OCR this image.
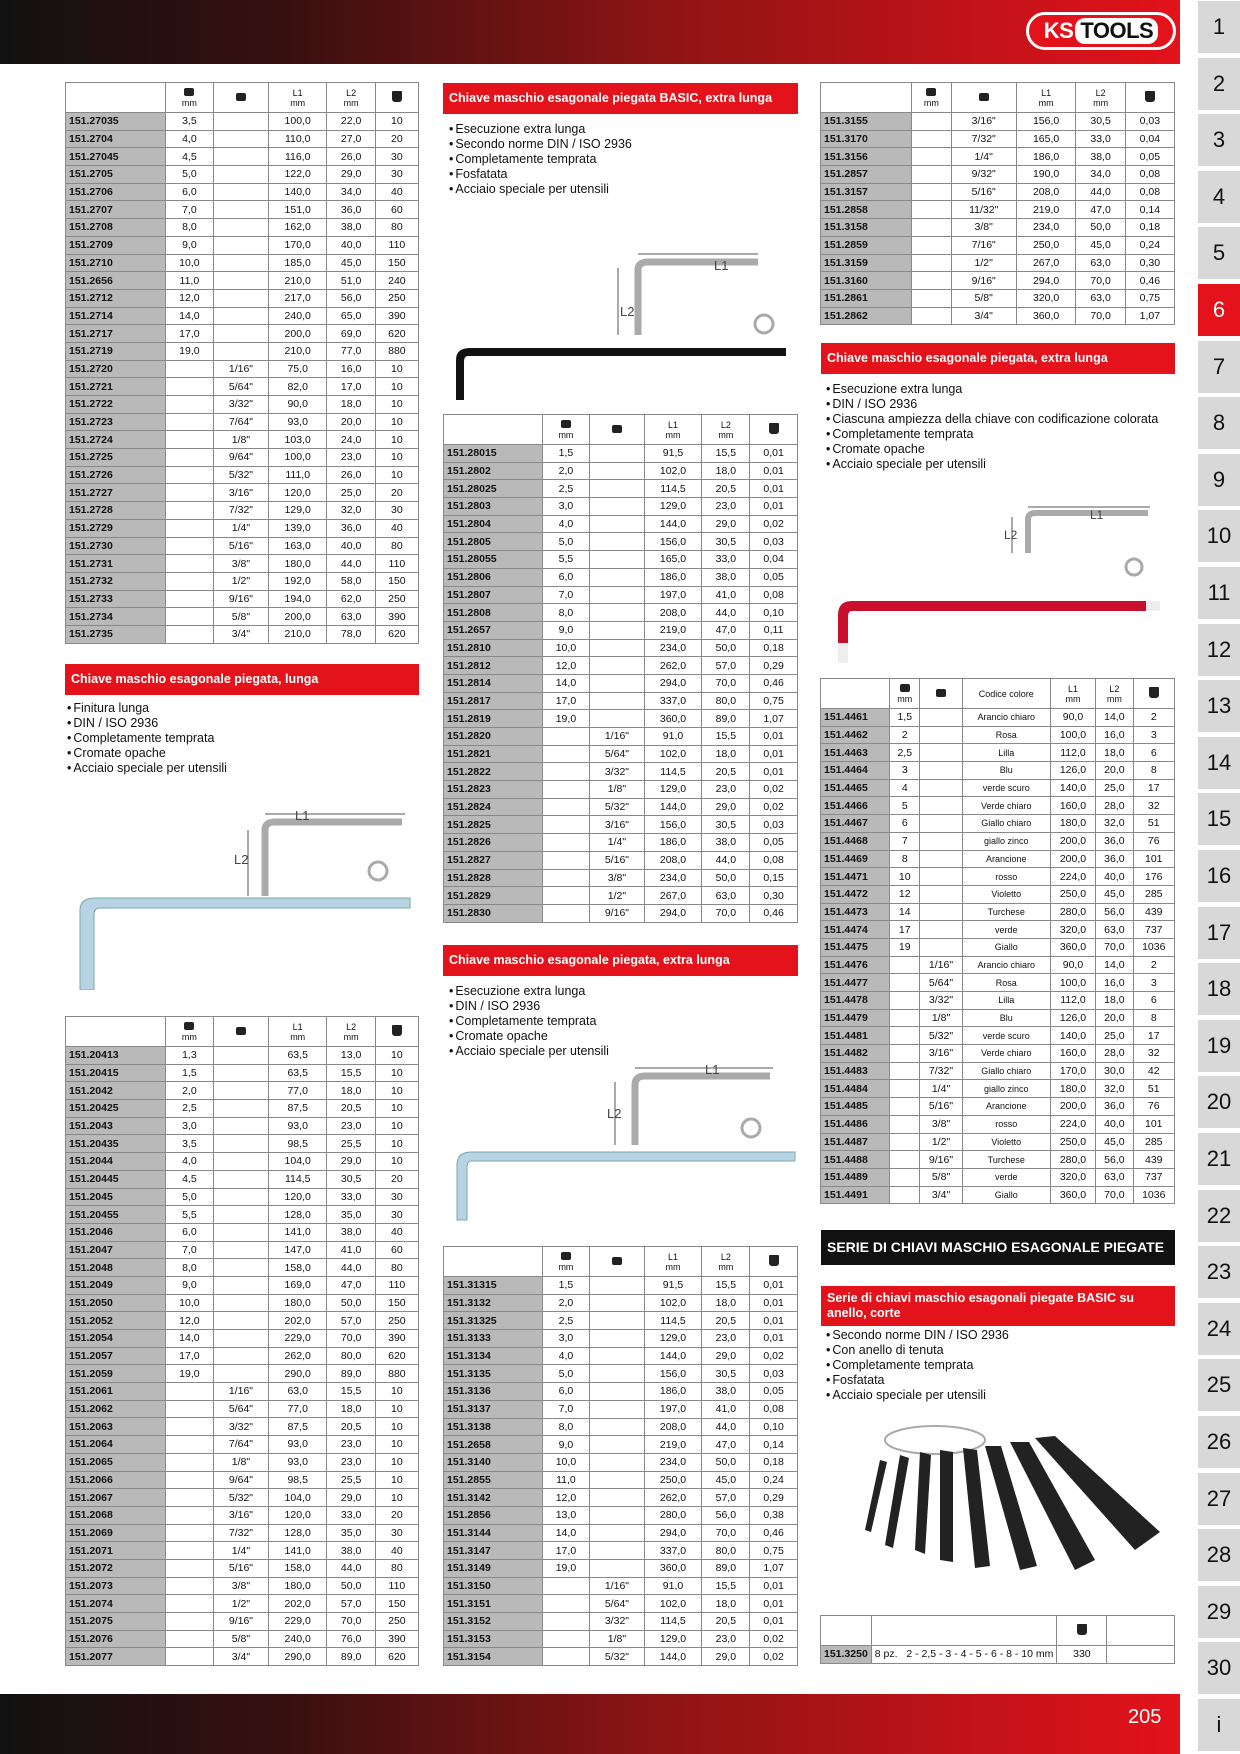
KS TOOLS
205
1
2
3
4
5
6
7
8
9
10
11
12
13
14
15
16
17
18
19
20
21
22
23
24
25
26
27
28
29
30
i

mm		L1
mm	L2
mm	
151.27035	3,5		100,0	22,0	10
151.2704	4,0		110,0	27,0	20
151.27045	4,5		116,0	26,0	30
151.2705	5,0		122,0	29,0	30
151.2706	6,0		140,0	34,0	40
151.2707	7,0		151,0	36,0	60
151.2708	8,0		162,0	38,0	80
151.2709	9,0		170,0	40,0	110
151.2710	10,0		185,0	45,0	150
151.2656	11,0		210,0	51,0	240
151.2712	12,0		217,0	56,0	250
151.2714	14,0		240,0	65,0	390
151.2717	17,0		200,0	69,0	620
151.2719	19,0		210,0	77,0	880
151.2720		1/16"	75,0	16,0	10
151.2721		5/64"	82,0	17,0	10
151.2722		3/32"	90,0	18,0	10
151.2723		7/64"	93,0	20,0	10
151.2724		1/8"	103,0	24,0	10
151.2725		9/64"	100,0	23,0	10
151.2726		5/32"	111,0	26,0	10
151.2727		3/16"	120,0	25,0	20
151.2728		7/32"	129,0	32,0	30
151.2729		1/4"	139,0	36,0	40
151.2730		5/16"	163,0	40,0	80
151.2731		3/8"	180,0	44,0	110
151.2732		1/2"	192,0	58,0	150
151.2733		9/16"	194,0	62,0	250
151.2734		5/8"	200,0	63,0	390
151.2735		3/4"	210,0	78,0	620
Chiave maschio esagonale piegata, lunga
• Finitura lunga
• DIN / ISO 2936
• Completamente temprata
• Cromate opache
• Acciaio speciale per utensili
L1
L2

mm		L1
mm	L2
mm	
151.20413	1,3		63,5	13,0	10
151.20415	1,5		63,5	15,5	10
151.2042	2,0		77,0	18,0	10
151.20425	2,5		87,5	20,5	10
151.2043	3,0		93,0	23,0	10
151.20435	3,5		98,5	25,5	10
151.2044	4,0		104,0	29,0	10
151.20445	4,5		114,5	30,5	20
151.2045	5,0		120,0	33,0	30
151.20455	5,5		128,0	35,0	30
151.2046	6,0		141,0	38,0	40
151.2047	7,0		147,0	41,0	60
151.2048	8,0		158,0	44,0	80
151.2049	9,0		169,0	47,0	110
151.2050	10,0		180,0	50,0	150
151.2052	12,0		202,0	57,0	250
151.2054	14,0		229,0	70,0	390
151.2057	17,0		262,0	80,0	620
151.2059	19,0		290,0	89,0	880
151.2061		1/16"	63,0	15,5	10
151.2062		5/64"	77,0	18,0	10
151.2063		3/32"	87,5	20,5	10
151.2064		7/64"	93,0	23,0	10
151.2065		1/8"	93,0	23,0	10
151.2066		9/64"	98,5	25,5	10
151.2067		5/32"	104,0	29,0	10
151.2068		3/16"	120,0	33,0	20
151.2069		7/32"	128,0	35,0	30
151.2071		1/4"	141,0	38,0	40
151.2072		5/16"	158,0	44,0	80
151.2073		3/8"	180,0	50,0	110
151.2074		1/2"	202,0	57,0	150
151.2075		9/16"	229,0	70,0	250
151.2076		5/8"	240,0	76,0	390
151.2077		3/4"	290,0	89,0	620
Chiave maschio esagonale piegata BASIC, extra lunga
• Esecuzione extra lunga
• Secondo norme DIN / ISO 2936
• Completamente temprata
• Fosfatata
• Acciaio speciale per utensili
L1
L2

mm		L1
mm	L2
mm	
151.28015	1,5		91,5	15,5	0,01
151.2802	2,0		102,0	18,0	0,01
151.28025	2,5		114,5	20,5	0,01
151.2803	3,0		129,0	23,0	0,01
151.2804	4,0		144,0	29,0	0,02
151.2805	5,0		156,0	30,5	0,03
151.28055	5,5		165,0	33,0	0,04
151.2806	6,0		186,0	38,0	0,05
151.2807	7,0		197,0	41,0	0,08
151.2808	8,0		208,0	44,0	0,10
151.2657	9,0		219,0	47,0	0,11
151.2810	10,0		234,0	50,0	0,18
151.2812	12,0		262,0	57,0	0,29
151.2814	14,0		294,0	70,0	0,46
151.2817	17,0		337,0	80,0	0,75
151.2819	19,0		360,0	89,0	1,07
151.2820		1/16"	91,0	15,5	0,01
151.2821		5/64"	102,0	18,0	0,01
151.2822		3/32"	114,5	20,5	0,01
151.2823		1/8"	129,0	23,0	0,02
151.2824		5/32"	144,0	29,0	0,02
151.2825		3/16"	156,0	30,5	0,03
151.2826		1/4"	186,0	38,0	0,05
151.2827		5/16"	208,0	44,0	0,08
151.2828		3/8"	234,0	50,0	0,15
151.2829		1/2"	267,0	63,0	0,30
151.2830		9/16"	294,0	70,0	0,46
Chiave maschio esagonale piegata, extra lunga
• Esecuzione extra lunga
• DIN / ISO 2936
• Completamente temprata
• Cromate opache
• Acciaio speciale per utensili
L1
L2

mm		L1
mm	L2
mm	
151.31315	1,5		91,5	15,5	0,01
151.3132	2,0		102,0	18,0	0,01
151.31325	2,5		114,5	20,5	0,01
151.3133	3,0		129,0	23,0	0,01
151.3134	4,0		144,0	29,0	0,02
151.3135	5,0		156,0	30,5	0,03
151.3136	6,0		186,0	38,0	0,05
151.3137	7,0		197,0	41,0	0,08
151.3138	8,0		208,0	44,0	0,10
151.2658	9,0		219,0	47,0	0,14
151.3140	10,0		234,0	50,0	0,18
151.2855	11,0		250,0	45,0	0,24
151.3142	12,0		262,0	57,0	0,29
151.2856	13,0		280,0	56,0	0,38
151.3144	14,0		294,0	70,0	0,46
151.3147	17,0		337,0	80,0	0,75
151.3149	19,0		360,0	89,0	1,07
151.3150		1/16"	91,0	15,5	0,01
151.3151		5/64"	102,0	18,0	0,01
151.3152		3/32"	114,5	20,5	0,01
151.3153		1/8"	129,0	23,0	0,02
151.3154		5/32"	144,0	29,0	0,02

mm		L1
mm	L2
mm	
151.3155		3/16"	156,0	30,5	0,03
151.3170		7/32"	165,0	33,0	0,04
151.3156		1/4"	186,0	38,0	0,05
151.2857		9/32"	190,0	34,0	0,08
151.3157		5/16"	208,0	44,0	0,08
151.2858		11/32"	219,0	47,0	0,14
151.3158		3/8"	234,0	50,0	0,18
151.2859		7/16"	250,0	45,0	0,24
151.3159		1/2"	267,0	63,0	0,30
151.3160		9/16"	294,0	70,0	0,46
151.2861		5/8"	320,0	63,0	0,75
151.2862		3/4"	360,0	70,0	1,07
Chiave maschio esagonale piegata, extra lunga
• Esecuzione extra lunga
• DIN / ISO 2936
• Ciascuna ampiezza della chiave con codificazione colorata
• Completamente temprata
• Cromate opache
• Acciaio speciale per utensili
L1
L2

mm		Codice colore	L1
mm	L2
mm	
151.4461	1,5		Arancio chiaro	90,0	14,0	2
151.4462	2		Rosa	100,0	16,0	3
151.4463	2,5		Lilla	112,0	18,0	6
151.4464	3		Blu	126,0	20,0	8
151.4465	4		verde scuro	140,0	25,0	17
151.4466	5		Verde chiaro	160,0	28,0	32
151.4467	6		Giallo chiaro	180,0	32,0	51
151.4468	7		giallo zinco	200,0	36,0	76
151.4469	8		Arancione	200,0	36,0	101
151.4471	10		rosso	224,0	40,0	176
151.4472	12		Violetto	250,0	45,0	285
151.4473	14		Turchese	280,0	56,0	439
151.4474	17		verde	320,0	63,0	737
151.4475	19		Giallo	360,0	70,0	1036
151.4476		1/16"	Arancio chiaro	90,0	14,0	2
151.4477		5/64"	Rosa	100,0	16,0	3
151.4478		3/32"	Lilla	112,0	18,0	6
151.4479		1/8"	Blu	126,0	20,0	8
151.4481		5/32"	verde scuro	140,0	25,0	17
151.4482		3/16"	Verde chiaro	160,0	28,0	32
151.4483		7/32"	Giallo chiaro	170,0	30,0	42
151.4484		1/4"	giallo zinco	180,0	32,0	51
151.4485		5/16"	Arancione	200,0	36,0	76
151.4486		3/8"	rosso	224,0	40,0	101
151.4487		1/2"	Violetto	250,0	45,0	285
151.4488		9/16"	Turchese	280,0	56,0	439
151.4489		5/8"	verde	320,0	63,0	737
151.4491		3/4"	Giallo	360,0	70,0	1036
SERIE DI CHIAVI MASCHIO ESAGONALE PIEGATE
Serie di chiavi maschio esagonali piegate BASIC su anello, corte
• Secondo norme DIN / ISO 2936
• Con anello di tenuta
• Completamente temprata
• Fosfatata
• Acciaio speciale per utensili

151.3250	8 pz. 2 - 2,5 - 3 - 4 - 5 - 6 - 8 - 10 mm	330	
